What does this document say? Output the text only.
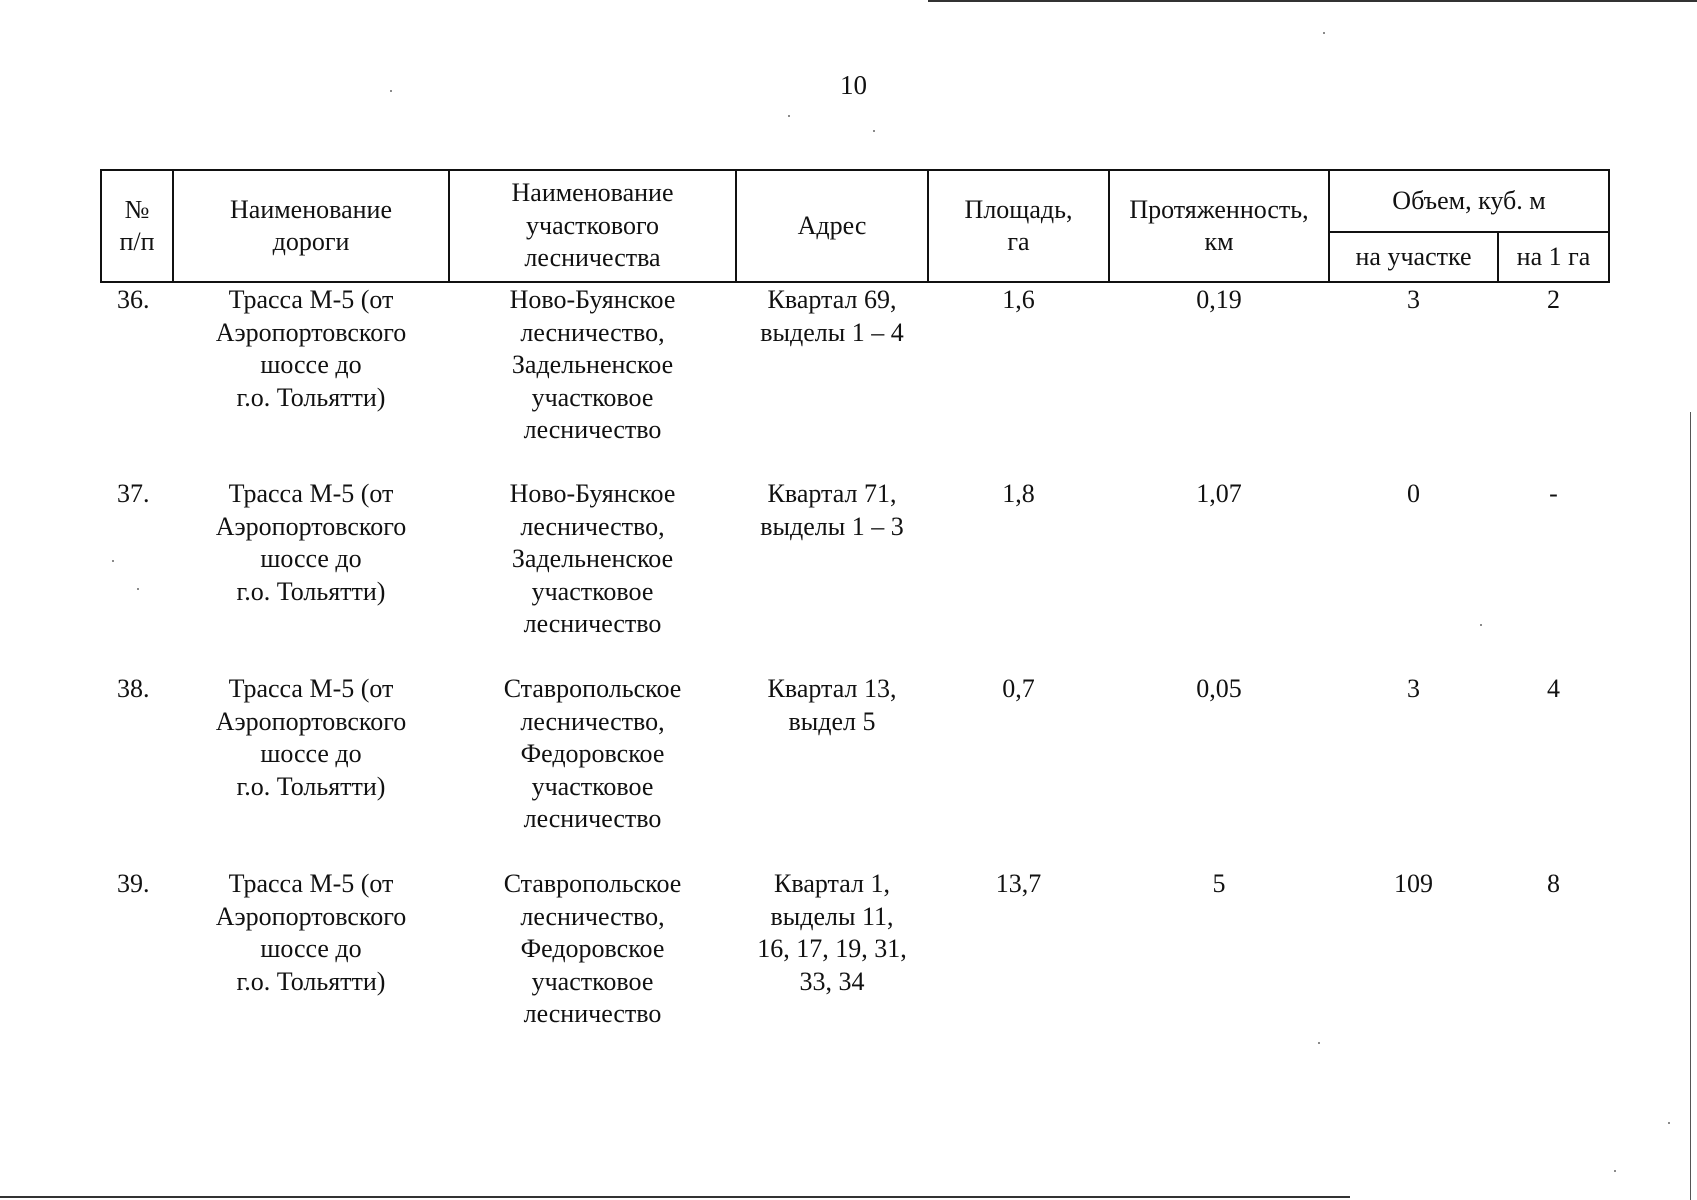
10
№
п/п	Наименование
дороги	Наименование
участкового
лесничества	Адрес	Площадь,
га	Протяженность,
км	Объем, куб. м	
						на участке	на 1 га
36.	Трасса М-5 (от
Аэропортовского
шоссе до
г.о. Тольятти)	Ново-Буянское
лесничество,
Задельненское
участковое
лесничество	Квартал 69,
выделы 1 – 4	1,6	0,19	3	2
37.	Трасса М-5 (от
Аэропортовского
шоссе до
г.о. Тольятти)	Ново-Буянское
лесничество,
Задельненское
участковое
лесничество	Квартал 71,
выделы 1 – 3	1,8	1,07	0	-
38.	Трасса М-5 (от
Аэропортовского
шоссе до
г.о. Тольятти)	Ставропольское
лесничество,
Федоровское
участковое
лесничество	Квартал 13,
выдел 5	0,7	0,05	3	4
39.	Трасса М-5 (от
Аэропортовского
шоссе до
г.о. Тольятти)	Ставропольское
лесничество,
Федоровское
участковое
лесничество	Квартал 1,
выделы 11,
16, 17, 19, 31,
33, 34	13,7	5	109	8
